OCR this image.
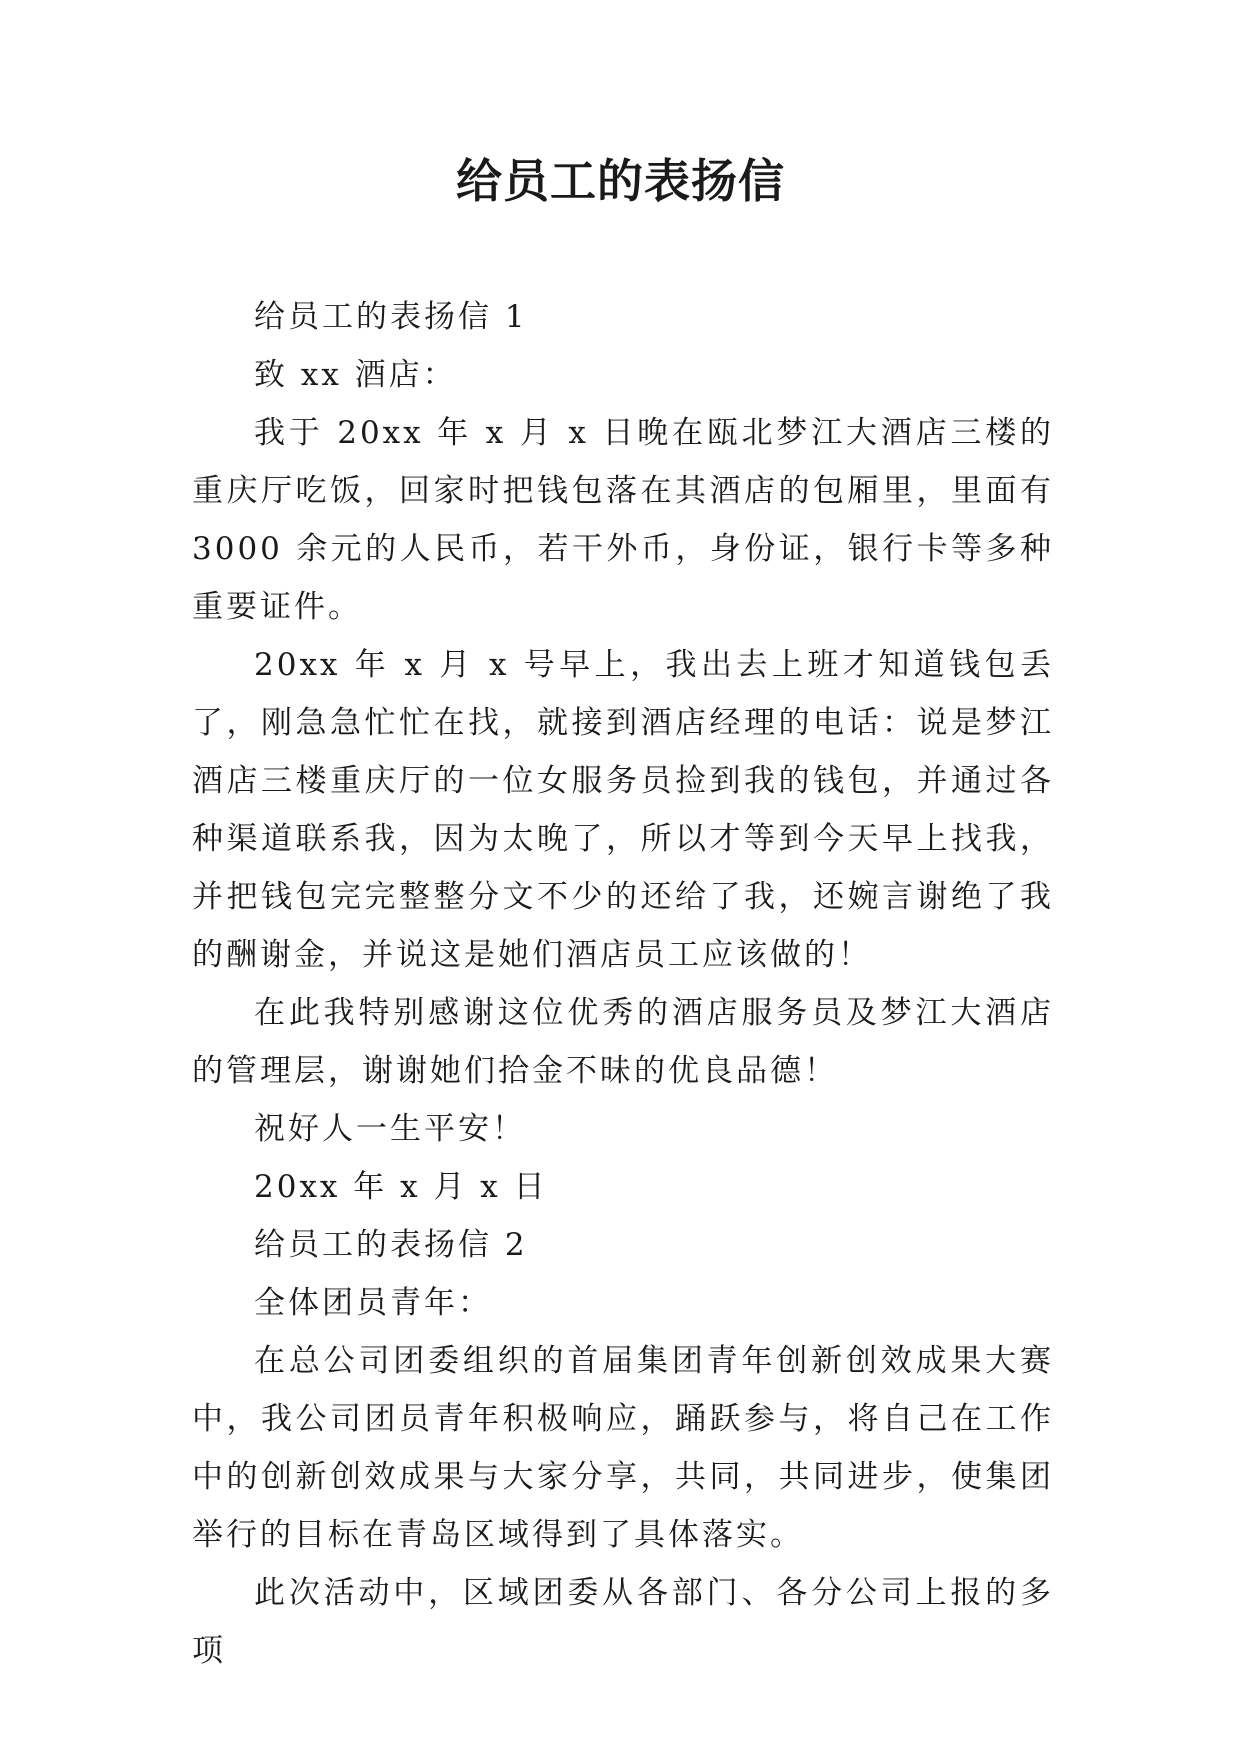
给员工的表扬信

给员工的表扬信 1

致 xx 酒店：

我于 20xx 年 x 月 x 日晚在瓯北梦江大酒店三楼的重庆厅吃饭，回家时把钱包落在其酒店的包厢里，里面有 3000 余元的人民币，若干外币，身份证，银行卡等多种重要证件。

20xx 年 x 月 x 号早上，我出去上班才知道钱包丢了，刚急急忙忙在找，就接到酒店经理的电话：说是梦江酒店三楼重庆厅的一位女服务员捡到我的钱包，并通过各种渠道联系我，因为太晚了，所以才等到今天早上找我，并把钱包完完整整分文不少的还给了我，还婉言谢绝了我的酬谢金，并说这是她们酒店员工应该做的！

在此我特别感谢这位优秀的酒店服务员及梦江大酒店的管理层，谢谢她们拾金不昧的优良品德！

祝好人一生平安！

20xx 年 x 月 x 日

给员工的表扬信 2

全体团员青年：

在总公司团委组织的首届集团青年创新创效成果大赛中，我公司团员青年积极响应，踊跃参与，将自己在工作中的创新创效成果与大家分享，共同，共同进步，使集团举行的目标在青岛区域得到了具体落实。

此次活动中，区域团委从各部门、各分公司上报的多项
